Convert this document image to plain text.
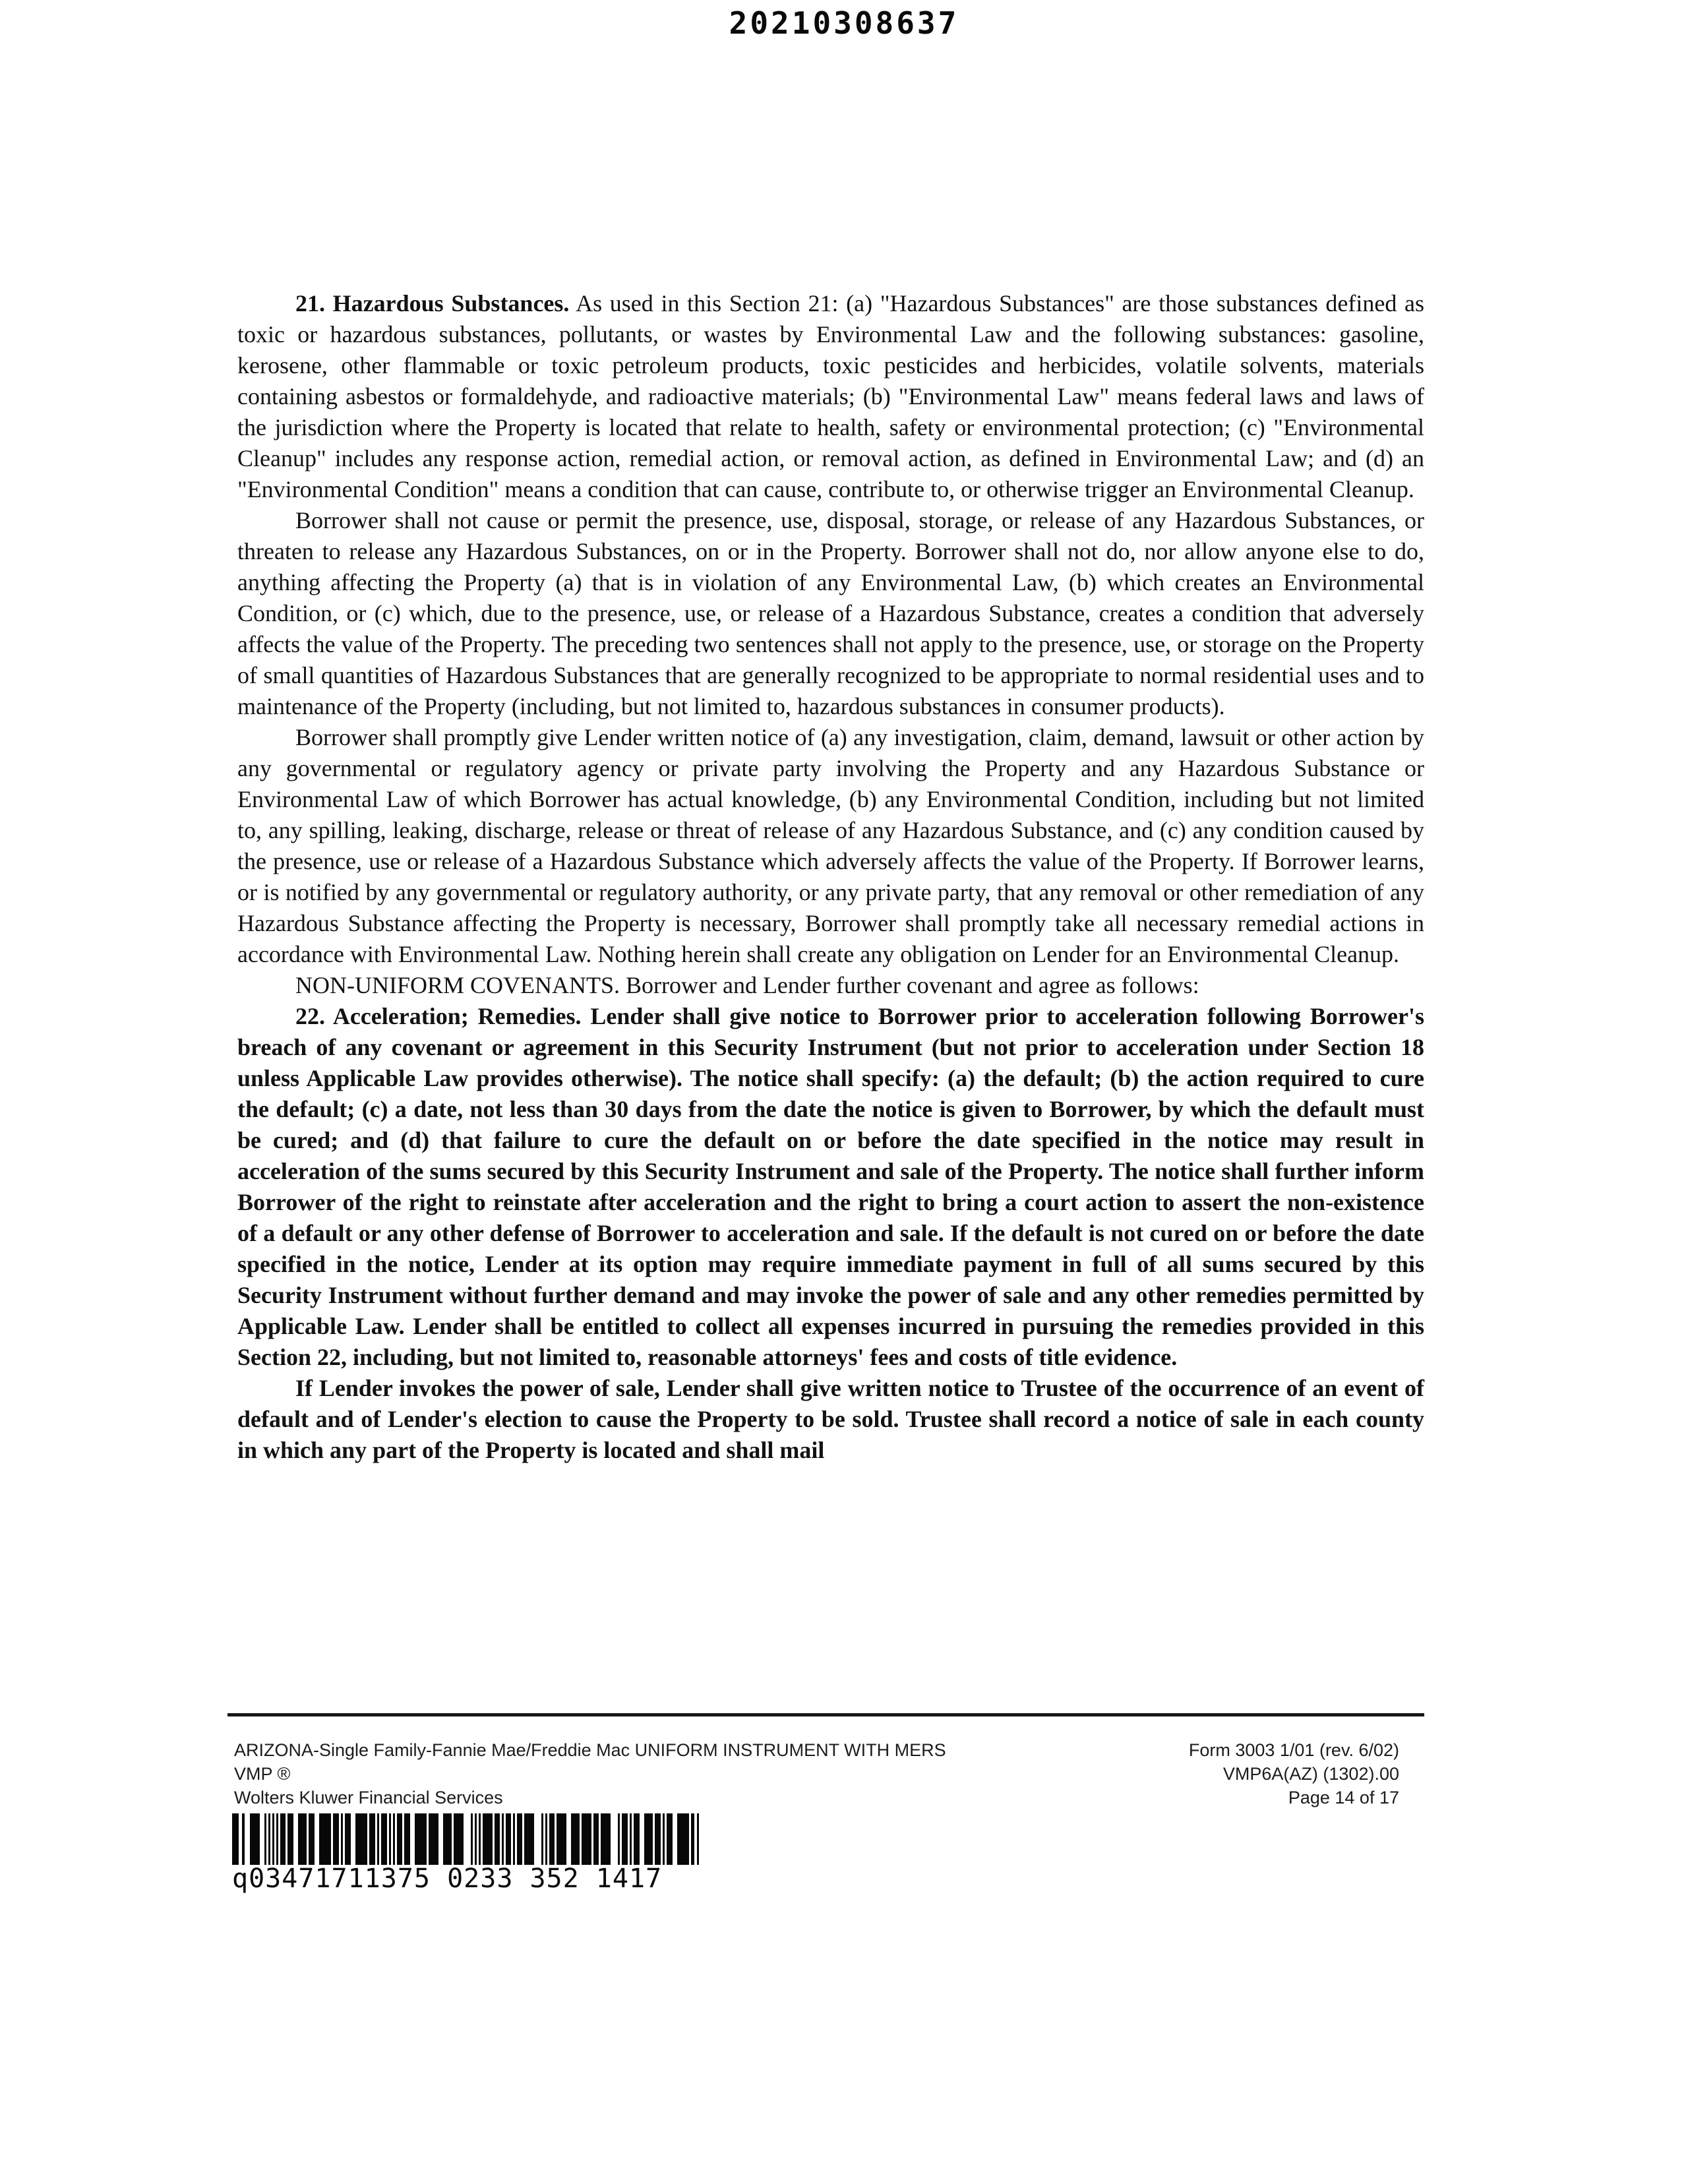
20210308637

21. Hazardous Substances. As used in this Section 21: (a) "Hazardous Substances" are those substances defined as toxic or hazardous substances, pollutants, or wastes by Environmental Law and the following substances: gasoline, kerosene, other flammable or toxic petroleum products, toxic pesticides and herbicides, volatile solvents, materials containing asbestos or formaldehyde, and radioactive materials; (b) "Environmental Law" means federal laws and laws of the jurisdiction where the Property is located that relate to health, safety or environmental protection; (c) "Environmental Cleanup" includes any response action, remedial action, or removal action, as defined in Environmental Law; and (d) an "Environmental Condition" means a condition that can cause, contribute to, or otherwise trigger an Environmental Cleanup.

Borrower shall not cause or permit the presence, use, disposal, storage, or release of any Hazardous Substances, or threaten to release any Hazardous Substances, on or in the Property. Borrower shall not do, nor allow anyone else to do, anything affecting the Property (a) that is in violation of any Environmental Law, (b) which creates an Environmental Condition, or (c) which, due to the presence, use, or release of a Hazardous Substance, creates a condition that adversely affects the value of the Property. The preceding two sentences shall not apply to the presence, use, or storage on the Property of small quantities of Hazardous Substances that are generally recognized to be appropriate to normal residential uses and to maintenance of the Property (including, but not limited to, hazardous substances in consumer products).

Borrower shall promptly give Lender written notice of (a) any investigation, claim, demand, lawsuit or other action by any governmental or regulatory agency or private party involving the Property and any Hazardous Substance or Environmental Law of which Borrower has actual knowledge, (b) any Environmental Condition, including but not limited to, any spilling, leaking, discharge, release or threat of release of any Hazardous Substance, and (c) any condition caused by the presence, use or release of a Hazardous Substance which adversely affects the value of the Property. If Borrower learns, or is notified by any governmental or regulatory authority, or any private party, that any removal or other remediation of any Hazardous Substance affecting the Property is necessary, Borrower shall promptly take all necessary remedial actions in accordance with Environmental Law. Nothing herein shall create any obligation on Lender for an Environmental Cleanup.

NON-UNIFORM COVENANTS. Borrower and Lender further covenant and agree as follows:

22. Acceleration; Remedies. Lender shall give notice to Borrower prior to acceleration following Borrower's breach of any covenant or agreement in this Security Instrument (but not prior to acceleration under Section 18 unless Applicable Law provides otherwise). The notice shall specify: (a) the default; (b) the action required to cure the default; (c) a date, not less than 30 days from the date the notice is given to Borrower, by which the default must be cured; and (d) that failure to cure the default on or before the date specified in the notice may result in acceleration of the sums secured by this Security Instrument and sale of the Property. The notice shall further inform Borrower of the right to reinstate after acceleration and the right to bring a court action to assert the non-existence of a default or any other defense of Borrower to acceleration and sale. If the default is not cured on or before the date specified in the notice, Lender at its option may require immediate payment in full of all sums secured by this Security Instrument without further demand and may invoke the power of sale and any other remedies permitted by Applicable Law. Lender shall be entitled to collect all expenses incurred in pursuing the remedies provided in this Section 22, including, but not limited to, reasonable attorneys' fees and costs of title evidence.

If Lender invokes the power of sale, Lender shall give written notice to Trustee of the occurrence of an event of default and of Lender's election to cause the Property to be sold. Trustee shall record a notice of sale in each county in which any part of the Property is located and shall mail

ARIZONA-Single Family-Fannie Mae/Freddie Mac UNIFORM INSTRUMENT WITH MERS
VMP ®
Wolters Kluwer Financial Services
Form 3003 1/01 (rev. 6/02)
VMP6A(AZ) (1302).00
Page 14 of 17
q03471711375 0233 352 1417
